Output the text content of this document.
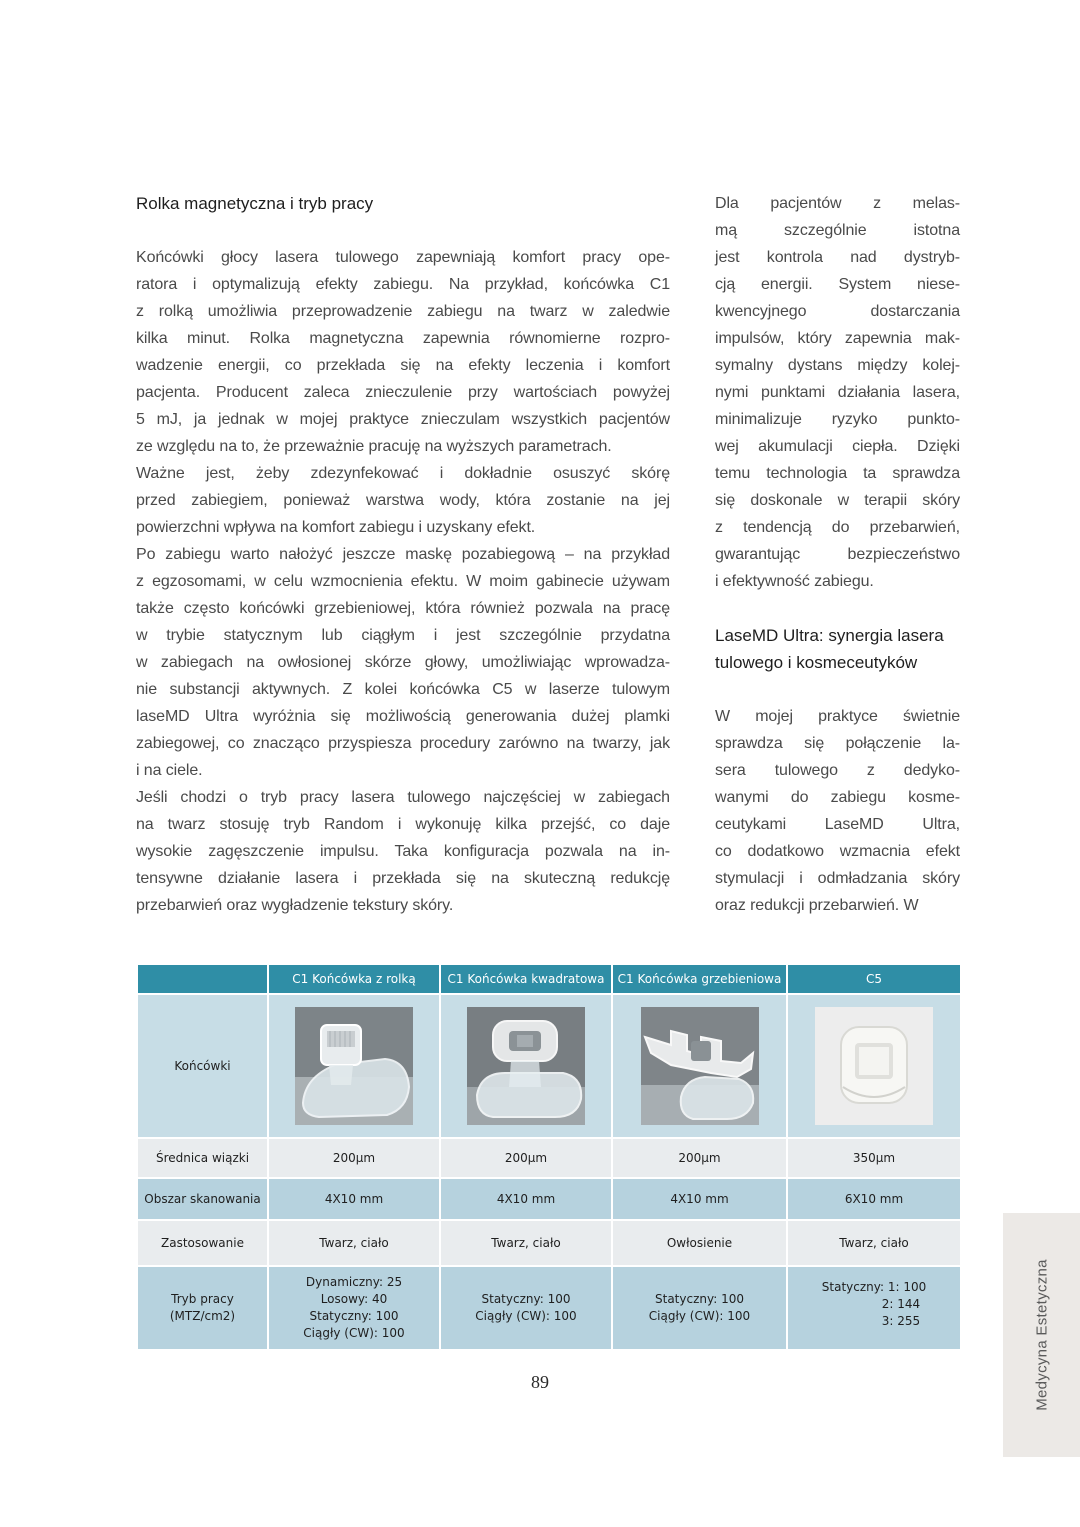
Rolka magnetyczna i tryb pracy
Końcówki głocy lasera tulowego zapewniają komfort pracy ope-
ratora i optymalizują efekty zabiegu. Na przykład, końcówka C1
z rolką umożliwia przeprowadzenie zabiegu na twarz w zaledwie
kilka minut. Rolka magnetyczna zapewnia równomierne rozpro-
wadzenie energii, co przekłada się na efekty leczenia i komfort
pacjenta. Producent zaleca znieczulenie przy wartościach powyżej
5 mJ, ja jednak w mojej praktyce znieczulam wszystkich pacjentów
ze względu na to, że przeważnie pracuję na wyższych parametrach.
Ważne jest, żeby zdezynfekować i dokładnie osuszyć skórę
przed zabiegiem, ponieważ warstwa wody, która zostanie na jej
powierzchni wpływa na komfort zabiegu i uzyskany efekt.
Po zabiegu warto nałożyć jeszcze maskę pozabiegową – na przykład
z egzosomami, w celu wzmocnienia efektu. W moim gabinecie używam
także często końcówki grzebieniowej, która również pozwala na pracę
w trybie statycznym lub ciągłym i jest szczególnie przydatna
w zabiegach na owłosionej skórze głowy, umożliwiając wprowadza-
nie substancji aktywnych. Z kolei końcówka C5 w laserze tulowym
laseMD Ultra wyróżnia się możliwością generowania dużej plamki
zabiegowej, co znacząco przyspiesza procedury zarówno na twarzy, jak
i na ciele.
Jeśli chodzi o tryb pracy lasera tulowego najczęściej w zabiegach
na twarz stosuję tryb Random i wykonuję kilka przejść, co daje
wysokie zagęszczenie impulsu. Taka konfiguracja pozwala na in-
tensywne działanie lasera i przekłada się na skuteczną redukcję
przebarwień oraz wygładzenie tekstury skóry.
Dla pacjentów z melas-
mą szczególnie istotna
jest kontrola nad dystryb-
cją energii. System niese-
kwencyjnego dostarczania
impulsów, który zapewnia mak-
symalny dystans między kolej-
nymi punktami działania lasera,
minimalizuje ryzyko punkto-
wej akumulacji ciepła. Dzięki
temu technologia ta sprawdza
się doskonale w terapii skóry
z tendencją do przebarwień,
gwarantując bezpieczeństwo
i efektywność zabiegu.
LaseMD Ultra: synergia lasera
tulowego i kosmeceutyków
W mojej praktyce świetnie
sprawdza się połączenie la-
sera tulowego z dedyko-
wanymi do zabiegu kosme-
ceutykami LaseMD Ultra,
co dodatkowo wzmacnia efekt
stymulacji i odmładzania skóry
oraz redukcji przebarwień. W
	C1 Końcówka z rolką	C1 Końcówka kwadratowa	C1 Końcówka grzebieniowa	C5
Końcówki	

Średnica wiązki	200μm	200μm	200μm	350μm
Obszar skanowania	4X10 mm	4X10 mm	4X10 mm	6X10 mm
Zastosowanie	Twarz, ciało	Twarz, ciało	Owłosienie	Twarz, ciało

Tryb pracy
(MTZ/cm2)	Dynamiczny: 25
Losowy: 40
Statyczny: 100
Ciągły (CW): 100	Statyczny: 100
Ciągły (CW): 100	Statyczny: 100
Ciągły (CW): 100	Statyczny: 1: 100
2: 144
3: 255
89	Medycyna Estetyczna
